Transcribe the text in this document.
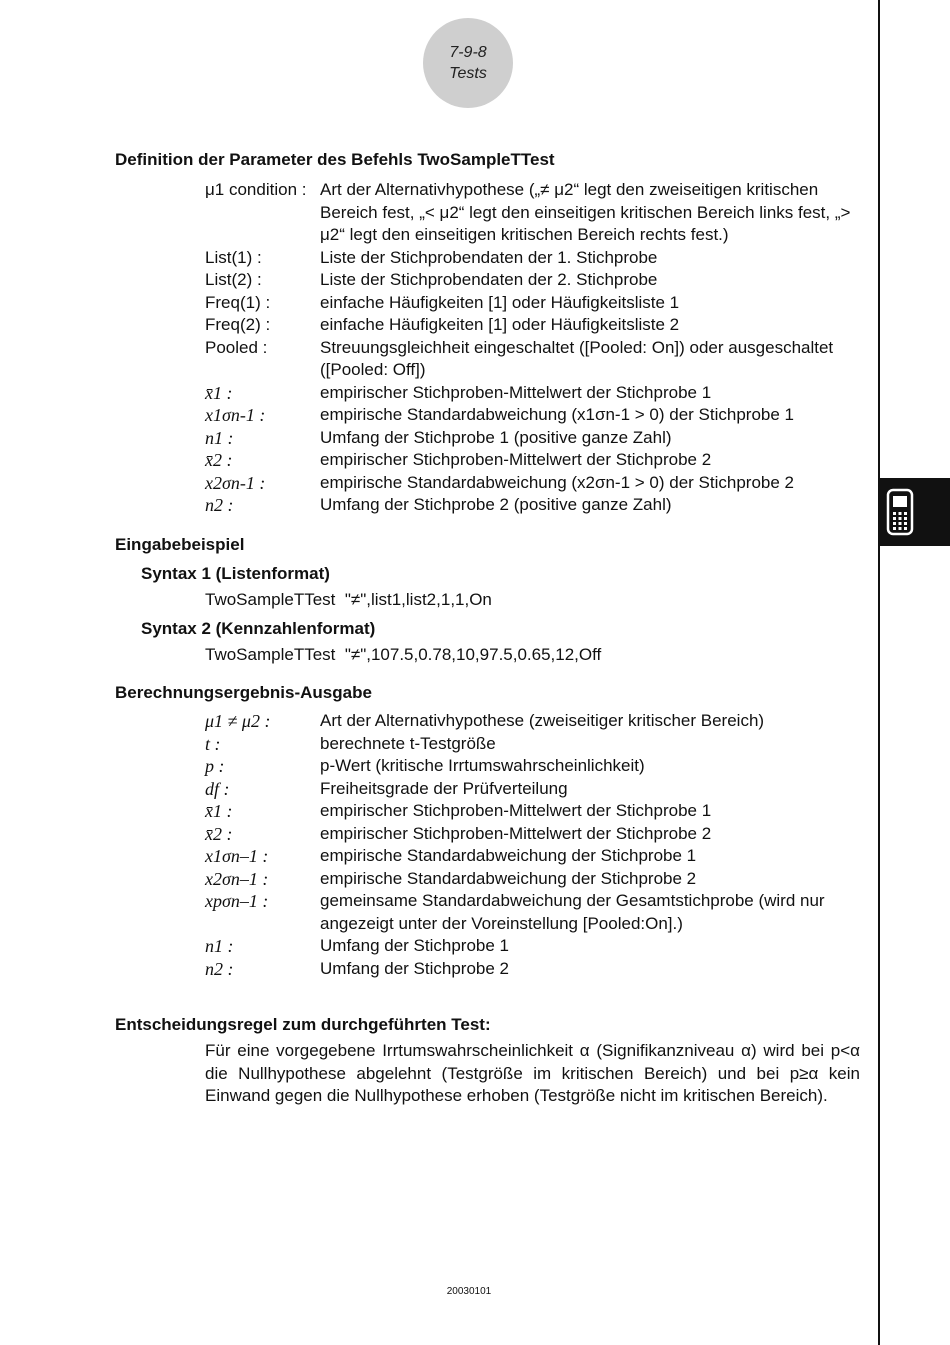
7-9-8
Tests
Definition der Parameter des Befehls TwoSampleTTest
μ1 condition : Art der Alternativhypothese („≠ μ2“ legt den zweiseitigen kritischen Bereich fest, „< μ2“ legt den einseitigen kritischen Bereich links fest, „> μ2“ legt den einseitigen kritischen Bereich rechts fest.)
List(1) :	Liste der Stichprobendaten der 1. Stichprobe
List(2) :	Liste der Stichprobendaten der 2. Stichprobe
Freq(1) :	einfache Häufigkeiten [1] oder Häufigkeitsliste 1
Freq(2) :	einfache Häufigkeiten [1] oder Häufigkeitsliste 2
Pooled :	Streuungsgleichheit eingeschaltet ([Pooled: On]) oder ausgeschaltet ([Pooled: Off])
x̄1 :	empirischer Stichproben-Mittelwert der Stichprobe 1
x1σn-1 :	empirische Standardabweichung (x1σn-1 > 0) der Stichprobe 1
n1 :	Umfang der Stichprobe 1 (positive ganze Zahl)
x̄2 :	empirischer Stichproben-Mittelwert der Stichprobe 2
x2σn-1 :	empirische Standardabweichung (x2σn-1 > 0) der Stichprobe 2
n2 :	Umfang der Stichprobe 2 (positive ganze Zahl)
Eingabebeispiel
Syntax 1 (Listenformat)
TwoSampleTTest  "≠",list1,list2,1,1,On
Syntax 2 (Kennzahlenformat)
TwoSampleTTest  "≠",107.5,0.78,10,97.5,0.65,12,Off
Berechnungsergebnis-Ausgabe
μ1 ≠ μ2 :	Art der Alternativhypothese (zweiseitiger kritischer Bereich)
t :	berechnete t-Testgröße
p :	p-Wert (kritische Irrtumswahrscheinlichkeit)
df :	Freiheitsgrade der Prüfverteilung
x̄1 :	empirischer Stichproben-Mittelwert der Stichprobe 1
x̄2 :	empirischer Stichproben-Mittelwert der Stichprobe 2
x1σn–1 :	empirische Standardabweichung der Stichprobe 1
x2σn–1 :	empirische Standardabweichung der Stichprobe 2
xpσn–1 :	gemeinsame Standardabweichung der Gesamtstichprobe (wird nur angezeigt unter der Voreinstellung [Pooled:On].)
n1 :	Umfang der Stichprobe 1
n2 :	Umfang der Stichprobe 2
Entscheidungsregel zum durchgeführten Test:
Für eine vorgegebene Irrtumswahrscheinlichkeit α (Signifikanzniveau α) wird bei p<α die Nullhypothese abgelehnt (Testgröße im kritischen Bereich) und bei p≥α kein Einwand gegen die Nullhypothese erhoben (Testgröße nicht im kritischen Bereich).
20030101
